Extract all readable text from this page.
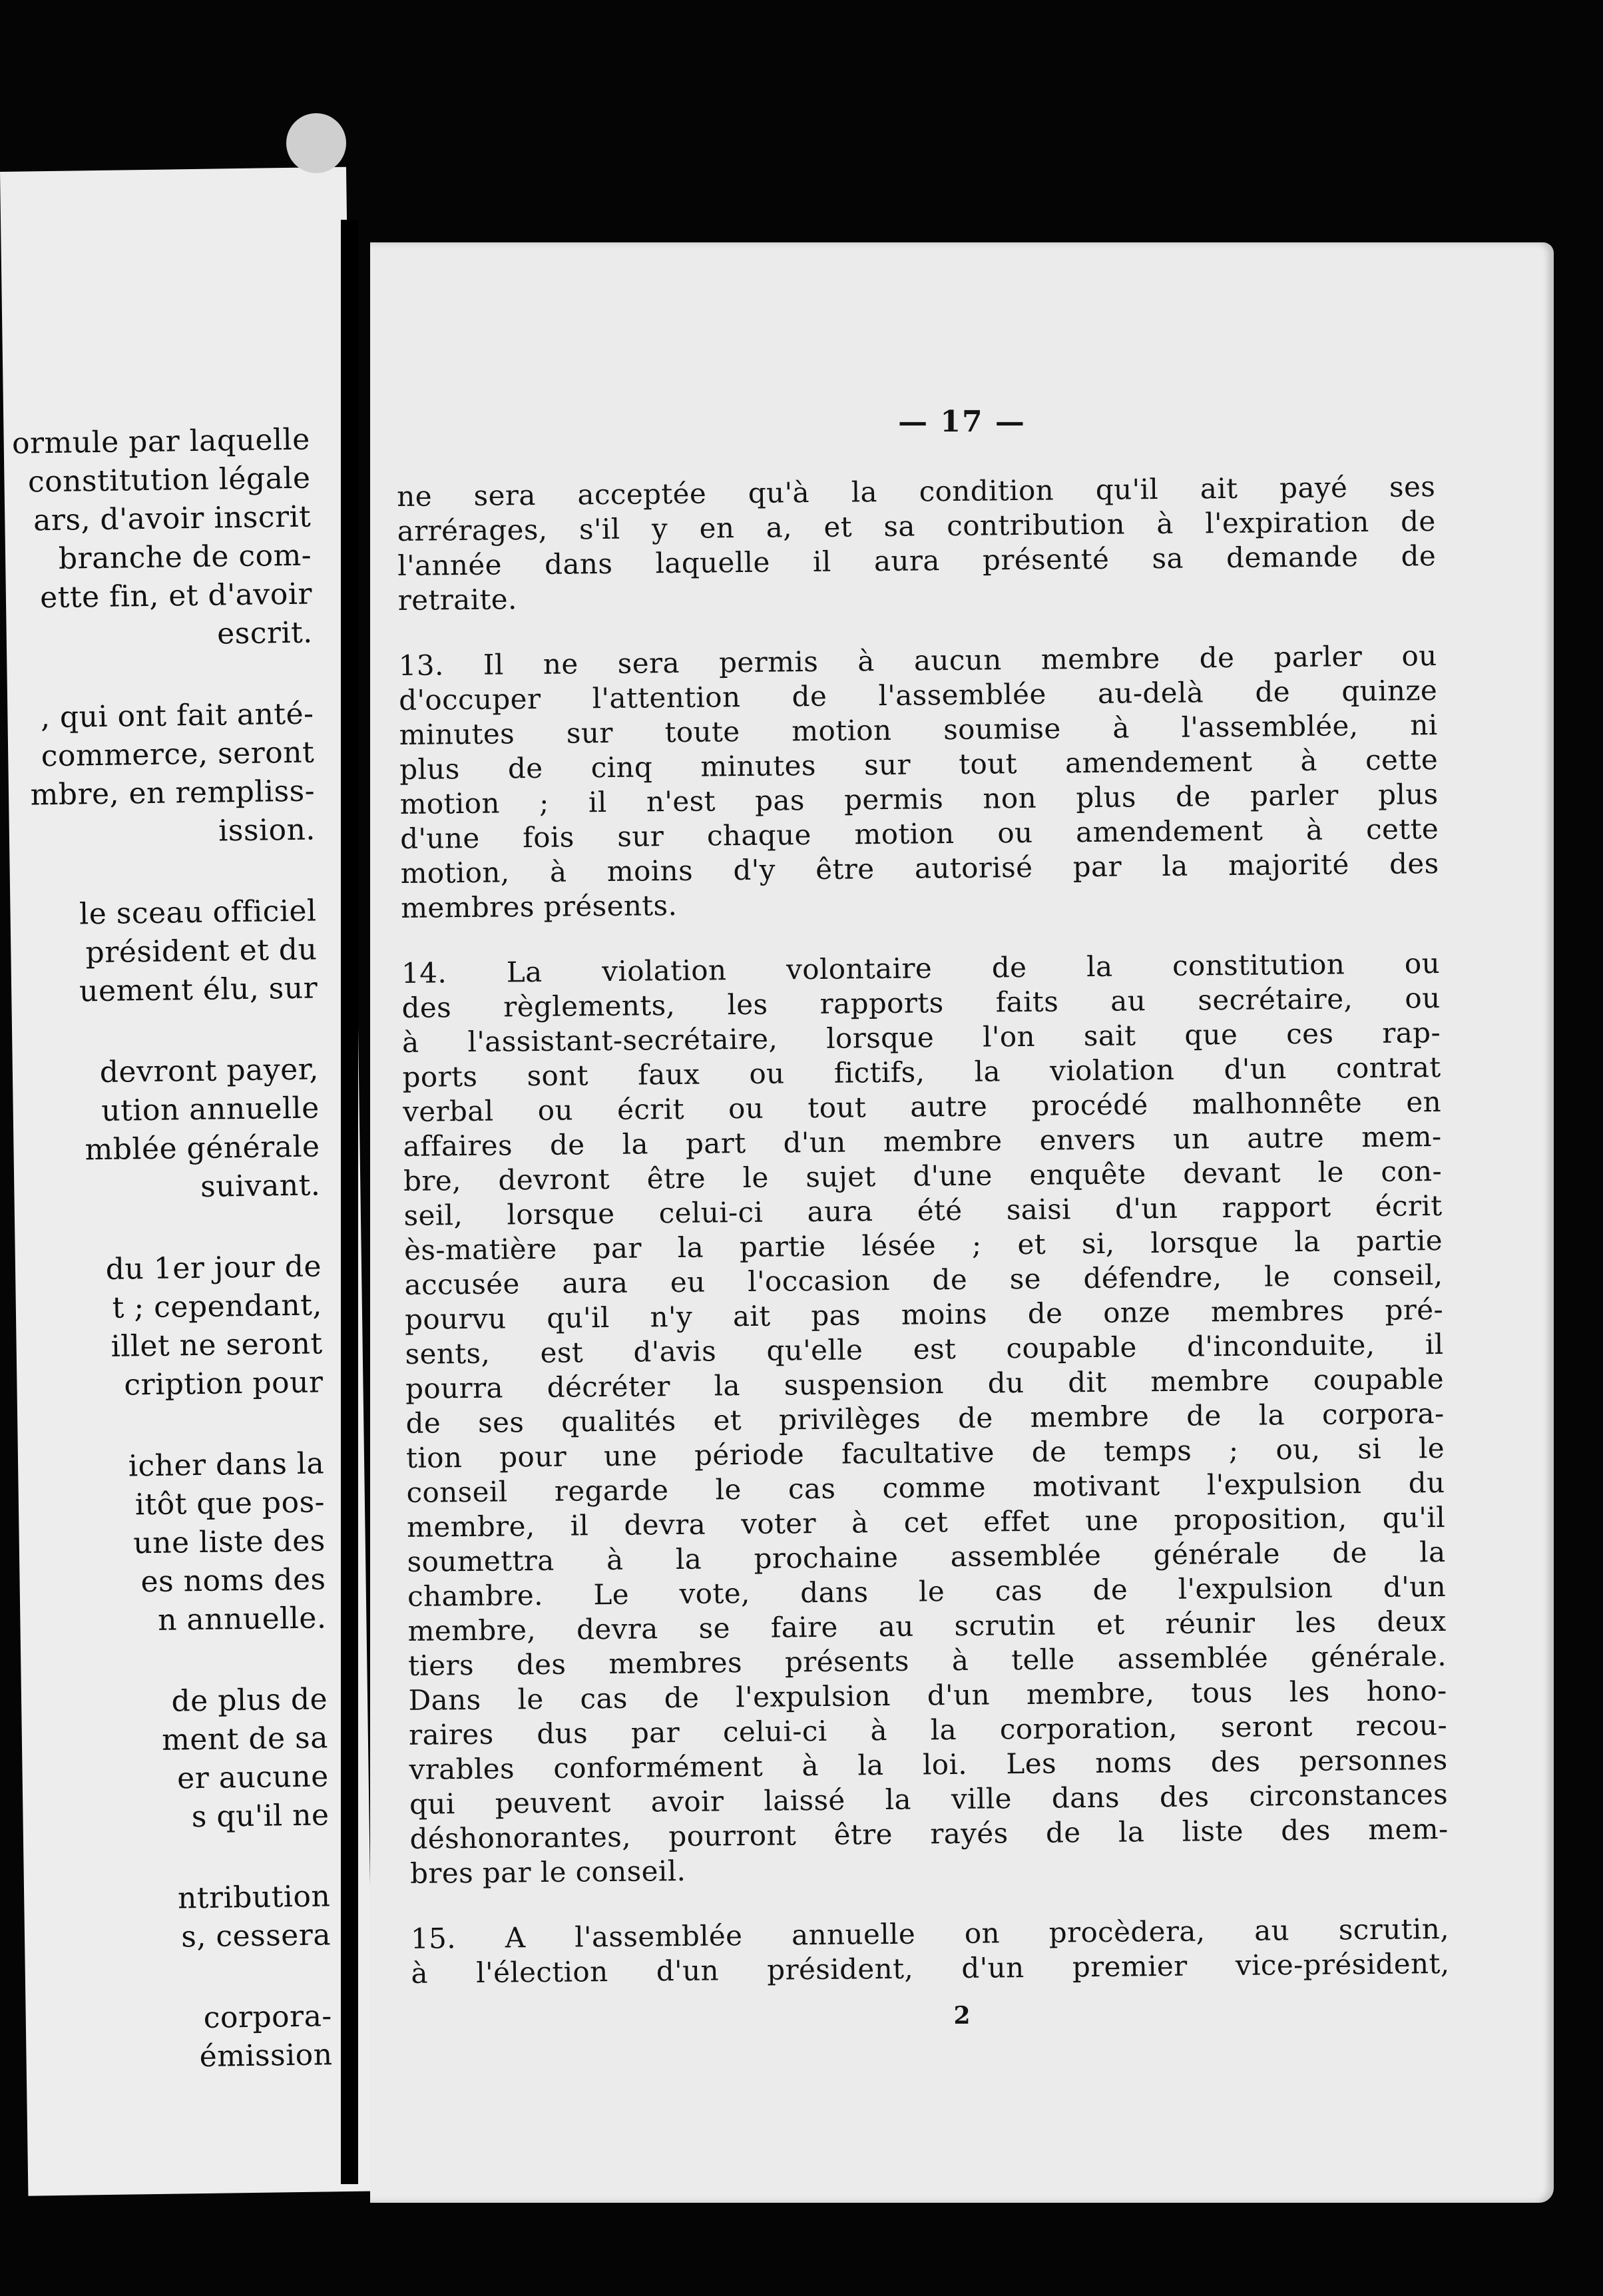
ormule par laquelle
constitution légale
ars, d'avoir inscrit
branche de com-
ette fin, et d'avoir
escrit.
, qui ont fait anté-
commerce, seront
mbre, en rempliss-
ission.
le sceau officiel
président et du
uement élu, sur
devront payer,
ution annuelle
mblée générale
suivant.
du 1er jour de
t ; cependant,
illet ne seront
cription pour
icher dans la
itôt que pos-
une liste des
es noms des
n annuelle.
de plus de
ment de sa
er aucune
s qu'il ne
ntribution
s, cessera
corpora-
émission
— 17 —
ne sera acceptée qu'à la condition qu'il ait payé ses
arrérages, s'il y en a, et sa contribution à l'expiration de
l'année dans laquelle il aura présenté sa demande de
retraite.
13. Il ne sera permis à aucun membre de parler ou
d'occuper l'attention de l'assemblée au-delà de quinze
minutes sur toute motion soumise à l'assemblée, ni
plus de cinq minutes sur tout amendement à cette
motion ; il n'est pas permis non plus de parler plus
d'une fois sur chaque motion ou amendement à cette
motion, à moins d'y être autorisé par la majorité des
membres présents.
14. La violation volontaire de la constitution ou
des règlements, les rapports faits au secrétaire, ou
à l'assistant-secrétaire, lorsque l'on sait que ces rap-
ports sont faux ou fictifs, la violation d'un contrat
verbal ou écrit ou tout autre procédé malhonnête en
affaires de la part d'un membre envers un autre mem-
bre, devront être le sujet d'une enquête devant le con-
seil, lorsque celui-ci aura été saisi d'un rapport écrit
ès-matière par la partie lésée ; et si, lorsque la partie
accusée aura eu l'occasion de se défendre, le conseil,
pourvu qu'il n'y ait pas moins de onze membres pré-
sents, est d'avis qu'elle est coupable d'inconduite, il
pourra décréter la suspension du dit membre coupable
de ses qualités et privilèges de membre de la corpora-
tion pour une période facultative de temps ; ou, si le
conseil regarde le cas comme motivant l'expulsion du
membre, il devra voter à cet effet une proposition, qu'il
soumettra à la prochaine assemblée générale de la
chambre. Le vote, dans le cas de l'expulsion d'un
membre, devra se faire au scrutin et réunir les deux
tiers des membres présents à telle assemblée générale.
Dans le cas de l'expulsion d'un membre, tous les hono-
raires dus par celui-ci à la corporation, seront recou-
vrables conformément à la loi. Les noms des personnes
qui peuvent avoir laissé la ville dans des circonstances
déshonorantes, pourront être rayés de la liste des mem-
bres par le conseil.
15. A l'assemblée annuelle on procèdera, au scrutin,
à l'élection d'un président, d'un premier vice-président,
2
